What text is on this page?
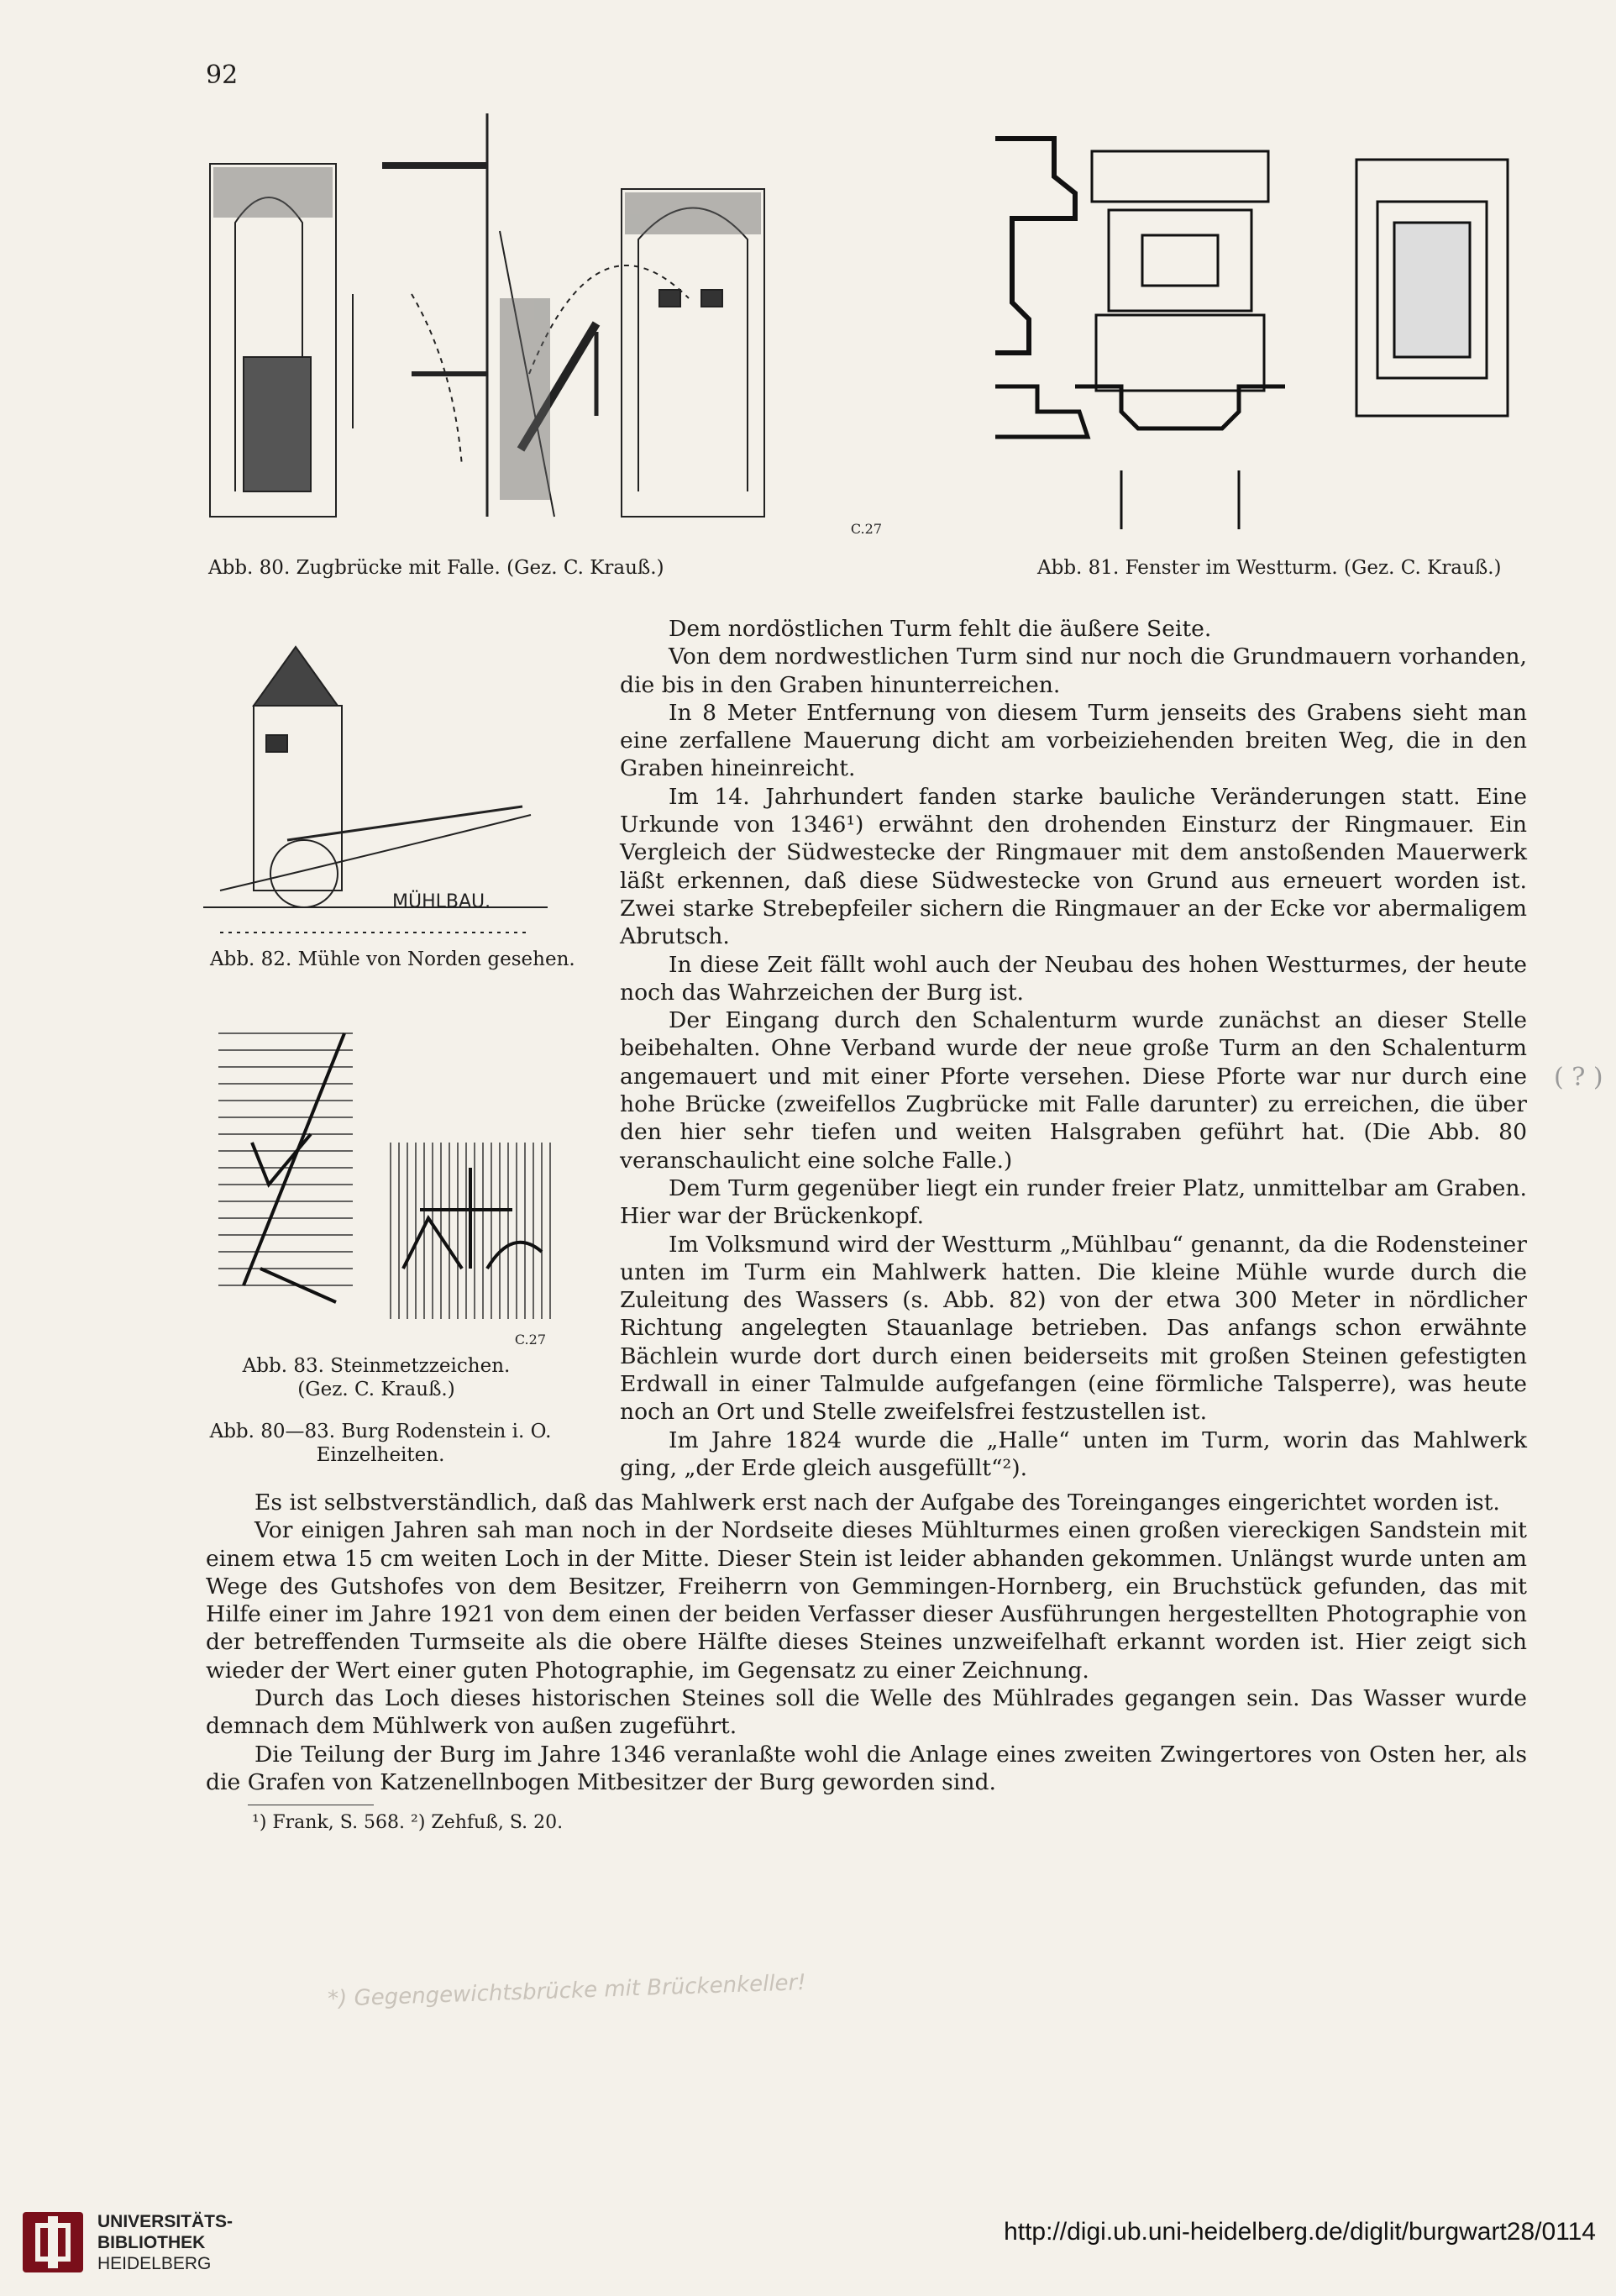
92
C.27
Abb. 80. Zugbrücke mit Falle. (Gez. C. Krauß.)	Abb. 81. Fenster im Westturm. (Gez. C. Krauß.)
MÜHLBAU.
Abb. 82. Mühle von Norden gesehen.
C.27
Abb. 83. Steinmetzzeichen.
(Gez. C. Krauß.)
Abb. 80—83. Burg Rodenstein i. O.
Einzelheiten.

Dem nordöstlichen Turm fehlt die äußere Seite.

Von dem nordwestlichen Turm sind nur noch die Grundmauern vorhanden, die bis in den Graben hinunterreichen.

In 8 Meter Entfernung von diesem Turm jenseits des Grabens sieht man eine zerfallene Mauerung dicht am vorbeiziehenden breiten Weg, die in den Graben hineinreicht.

Im 14. Jahrhundert fanden starke bauliche Veränderungen statt. Eine Urkunde von 1346¹) erwähnt den drohenden Einsturz der Ringmauer. Ein Vergleich der Südwestecke der Ringmauer mit dem anstoßenden Mauerwerk läßt erkennen, daß diese Südwestecke von Grund aus erneuert worden ist. Zwei starke Strebepfeiler sichern die Ringmauer an der Ecke vor abermaligem Abrutsch.

In diese Zeit fällt wohl auch der Neubau des hohen Westturmes, der heute noch das Wahrzeichen der Burg ist.

Der Eingang durch den Schalenturm wurde zunächst an dieser Stelle beibehalten. Ohne Verband wurde der neue große Turm an den Schalenturm angemauert und mit einer Pforte versehen. Diese Pforte war nur durch eine hohe Brücke (zweifellos Zugbrücke mit Falle darunter) zu erreichen, die über den hier sehr tiefen und weiten Halsgraben geführt hat. (Die Abb. 80 veranschaulicht eine solche Falle.)

Dem Turm gegenüber liegt ein runder freier Platz, unmittelbar am Graben. Hier war der Brückenkopf.

Im Volksmund wird der Westturm „Mühlbau“ genannt, da die Rodensteiner unten im Turm ein Mahlwerk hatten. Die kleine Mühle wurde durch die Zuleitung des Wassers (s. Abb. 82) von der etwa 300 Meter in nördlicher Richtung angelegten Stauanlage betrieben. Das anfangs schon erwähnte Bächlein wurde dort durch einen beiderseits mit großen Steinen gefestigten Erdwall in einer Talmulde aufgefangen (eine förmliche Talsperre), was heute noch an Ort und Stelle zweifelsfrei festzustellen ist.

Im Jahre 1824 wurde die „Halle“ unten im Turm, worin das Mahlwerk ging, „der Erde gleich ausgefüllt“²).

( ? )

Es ist selbstverständlich, daß das Mahlwerk erst nach der Aufgabe des Toreinganges eingerichtet worden ist.

Vor einigen Jahren sah man noch in der Nordseite dieses Mühlturmes einen großen viereckigen Sandstein mit einem etwa 15 cm weiten Loch in der Mitte. Dieser Stein ist leider abhanden gekommen. Unlängst wurde unten am Wege des Gutshofes von dem Besitzer, Freiherrn von Gemmingen-Hornberg, ein Bruchstück gefunden, das mit Hilfe einer im Jahre 1921 von dem einen der beiden Verfasser dieser Ausführungen hergestellten Photographie von der betreffenden Turmseite als die obere Hälfte dieses Steines unzweifelhaft erkannt worden ist. Hier zeigt sich wieder der Wert einer guten Photographie, im Gegensatz zu einer Zeichnung.

Durch das Loch dieses historischen Steines soll die Welle des Mühlrades gegangen sein. Das Wasser wurde demnach dem Mühlwerk von außen zugeführt.

Die Teilung der Burg im Jahre 1346 veranlaßte wohl die Anlage eines zweiten Zwingertores von Osten her, als die Grafen von Katzenellnbogen Mitbesitzer der Burg geworden sind.

¹) Frank, S. 568. ²) Zehfuß, S. 20.
*) Gegengewichtsbrücke mit Brückenkeller!
UNIVERSITÄTS-
BIBLIOTHEK
HEIDELBERG
http://digi.ub.uni-heidelberg.de/diglit/burgwart28/0114
